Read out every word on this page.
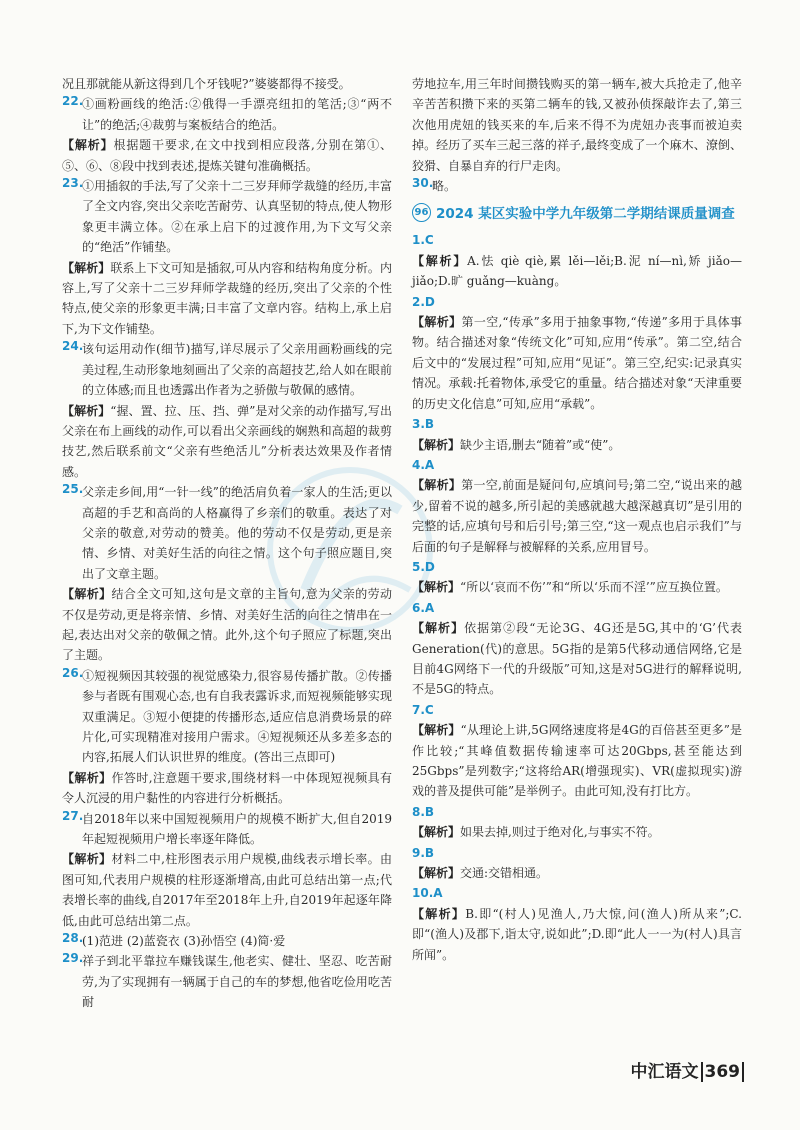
况且那就能从新这得到几个牙钱呢?”婆婆都得不接受。

22.

①画粉画线的绝活:②俄得一手漂亮纽扣的笔活;③“两不让”的绝活;④裁剪与案板结合的绝活。

【解析】根据题干要求,在文中找到相应段落,分别在第①、⑤、⑥、⑧段中找到表述,提炼关键句准确概括。

23.

①用插叙的手法,写了父亲十二三岁拜师学裁缝的经历,丰富了全文内容,突出父亲吃苦耐劳、认真坚韧的特点,使人物形象更丰满立体。②在承上启下的过渡作用,为下文写父亲的“绝活”作铺垫。

【解析】联系上下文可知是插叙,可从内容和结构角度分析。内容上,写了父亲十二三岁拜师学裁缝的经历,突出了父亲的个性特点,使父亲的形象更丰满;日丰富了文章内容。结构上,承上启下,为下文作铺垫。

24.

该句运用动作(细节)描写,详尽展示了父亲用画粉画线的完美过程,生动形象地刻画出了父亲的高超技艺,给人如在眼前的立体感;而且也透露出作者为之骄傲与敬佩的感情。

【解析】“握、置、拉、压、挡、弹”是对父亲的动作描写,写出父亲在布上画线的动作,可以看出父亲画线的娴熟和高超的裁剪技艺,然后联系前文“父亲有些绝活儿”分析表达效果及作者情感。

25.

父亲走乡间,用“一针一线”的绝活肩负着一家人的生活;更以高超的手艺和高尚的人格赢得了乡亲们的敬重。表达了对父亲的敬意,对劳动的赞美。他的劳动不仅是劳动,更是亲情、乡情、对美好生活的向往之情。这个句子照应题目,突出了文章主题。

【解析】结合全文可知,这句是文章的主旨句,意为父亲的劳动不仅是劳动,更是将亲情、乡情、对美好生活的向往之情串在一起,表达出对父亲的敬佩之情。此外,这个句子照应了标题,突出了主题。

26.

①短视频因其较强的视觉感染力,很容易传播扩散。②传播参与者既有围观心态,也有自我表露诉求,而短视频能够实现双重满足。③短小便捷的传播形态,适应信息消费场景的碎片化,可实现精准对接用户需求。④短视频还从多差多态的内容,拓展人们认识世界的维度。(答出三点即可)

【解析】作答时,注意题干要求,围绕材料一中体现短视频具有令人沉浸的用户黏性的内容进行分析概括。

27.

自2018年以来中国短视频用户的规模不断扩大,但自2019年起短视频用户增长率逐年降低。

【解析】材料二中,柱形图表示用户规模,曲线表示增长率。由图可知,代表用户规模的柱形逐渐增高,由此可总结出第一点;代表增长率的曲线,自2017年至2018年上升,自2019年起逐年降低,由此可总结出第二点。

28.

(1)范进 (2)蓝瓷衣 (3)孙悟空 (4)简·爱

29.

祥子到北平靠拉车赚钱谋生,他老实、健壮、坚忍、吃苦耐劳,为了实现拥有一辆属于自己的车的梦想,他省吃俭用吃苦耐

劳地拉车,用三年时间攒钱购买的第一辆车,被大兵抢走了,他辛辛苦苦积攒下来的买第二辆车的钱,又被孙侦探敲诈去了,第三次他用虎妞的钱买来的车,后来不得不为虎妞办丧事而被迫卖掉。经历了买车三起三落的祥子,最终变成了一个麻木、潦倒、狡猾、自暴自弃的行尸走肉。

30.

略。

96 2024 某区实验中学九年级第二学期结课质量调查

1.C

【解析】A.怯 qiè qiè,累 lěi—lěi;B.泥 ní—nì,矫 jiǎo—jiǎo;D.旷 guǎng—kuàng。

2.D

【解析】第一空,“传承”多用于抽象事物,“传递”多用于具体事物。结合描述对象“传统文化”可知,应用“传承”。第二空,结合后文中的“发展过程”可知,应用“见证”。第三空,纪实:记录真实情况。承载:托着物体,承受它的重量。结合描述对象“天津重要的历史文化信息”可知,应用“承载”。

3.B

【解析】缺少主语,删去“随着”或“使”。

4.A

【解析】第一空,前面是疑问句,应填问号;第二空,“说出来的越少,留着不说的越多,所引起的美感就越大越深越真切”是引用的完整的话,应填句号和后引号;第三空,“这一观点也启示我们”与后面的句子是解释与被解释的关系,应用冒号。

5.D

【解析】“所以‘哀而不伤’”和“所以‘乐而不淫’”应互换位置。

6.A

【解析】依据第②段“无论3G、4G还是5G,其中的‘G’代表Generation(代)的意思。5G指的是第5代移动通信网络,它是目前4G网络下一代的升级版”可知,这是对5G进行的解释说明,不是5G的特点。

7.C

【解析】“从理论上讲,5G网络速度将是4G的百倍甚至更多”是作比较;“其峰值数据传输速率可达20Gbps,甚至能达到25Gbps”是列数字;“这将给AR(增强现实)、VR(虚拟现实)游戏的普及提供可能”是举例子。由此可知,没有打比方。

8.B

【解析】如果去掉,则过于绝对化,与事实不符。

9.B

【解析】交通:交错相通。

10.A

【解析】B.即“(村人)见渔人,乃大惊,问(渔人)所从来”;C.即“(渔人)及郡下,诣太守,说如此”;D.即“此人一一为(村人)具言所闻”。

中汇语文 369
